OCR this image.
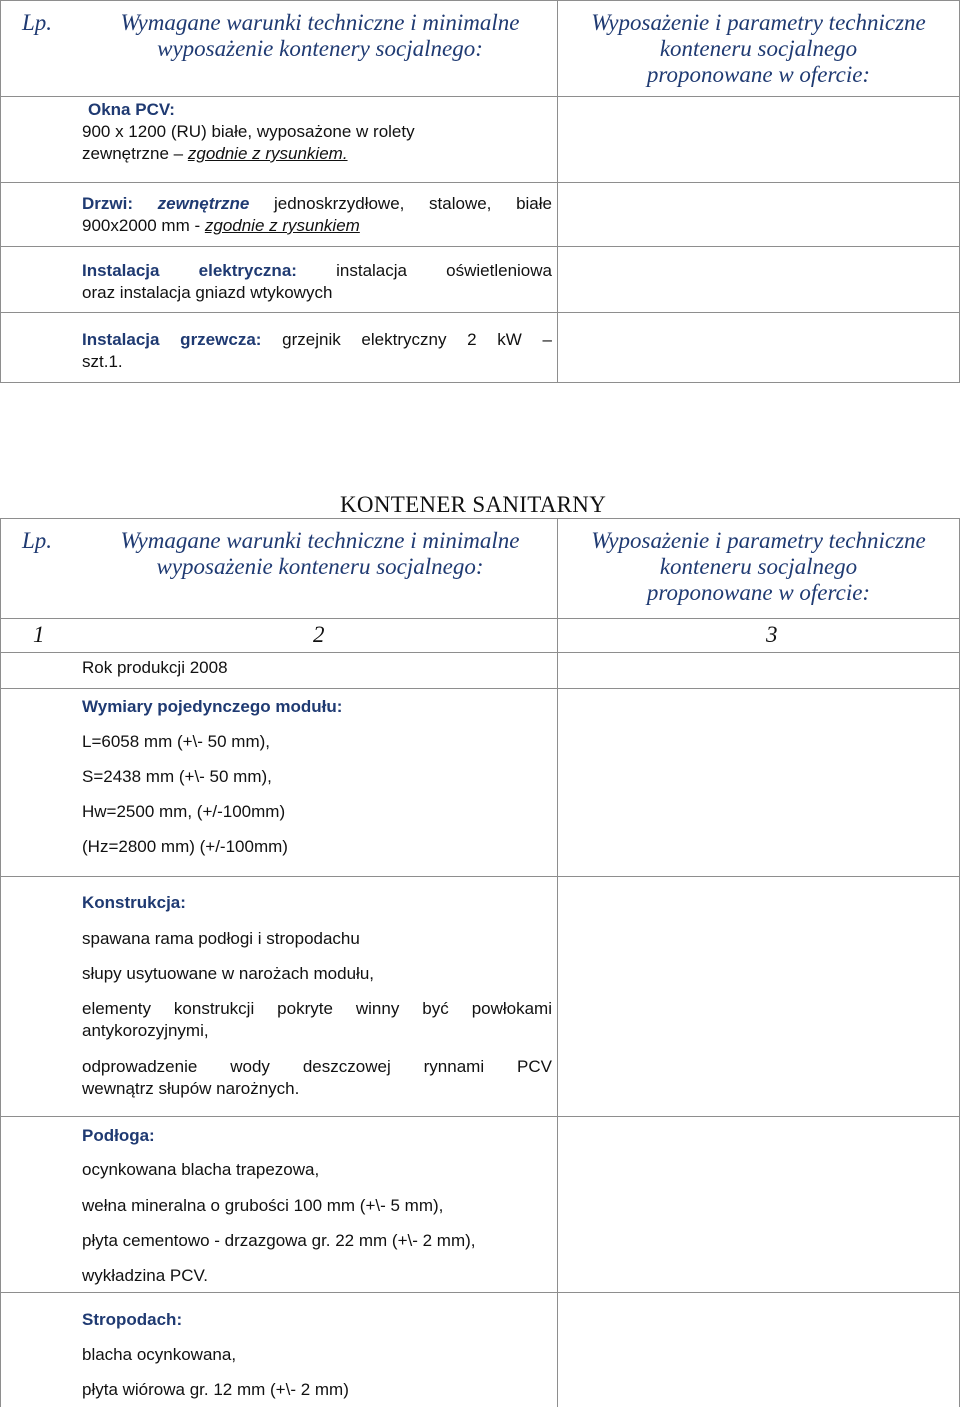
Lp.	Wymagane warunki techniczne i minimalne
wyposażenie kontenery socjalnego:
Wyposażenie i parametry techniczne
konteneru socjalnego
proponowane w ofercie:
Okna PCV:
900 x 1200 (RU) białe, wyposażone w rolety
zewnętrzne – zgodnie z rysunkiem.
Drzwi: zewnętrzne jednoskrzydłowe, stalowe, białe
900x2000 mm - zgodnie z rysunkiem
Instalacja elektryczna: instalacja oświetleniowa
oraz instalacja gniazd wtykowych
Instalacja grzewcza: grzejnik elektryczny 2 kW –
szt.1.
KONTENER SANITARNY
Lp.	Wymagane warunki techniczne i minimalne
wyposażenie konteneru socjalnego:
Wyposażenie i parametry techniczne
konteneru socjalnego
proponowane w ofercie:
1	2	3
Rok produkcji 2008
Wymiary pojedynczego modułu:
L=6058 mm (+\- 50 mm),
S=2438 mm (+\- 50 mm),
Hw=2500 mm, (+/-100mm)
(Hz=2800 mm) (+/-100mm)
Konstrukcja:
spawana rama podłogi i stropodachu
słupy usytuowane w narożach modułu,
elementy konstrukcji pokryte winny być powłokami
antykorozyjnymi,
odprowadzenie wody deszczowej rynnami PCV
wewnątrz słupów narożnych.
Podłoga:
ocynkowana blacha trapezowa,
wełna mineralna o grubości 100 mm (+\- 5 mm),
płyta cementowo - drzazgowa gr. 22 mm (+\- 2 mm),
wykładzina PCV.
Stropodach:
blacha ocynkowana,
płyta wiórowa gr. 12 mm (+\- 2 mm)
